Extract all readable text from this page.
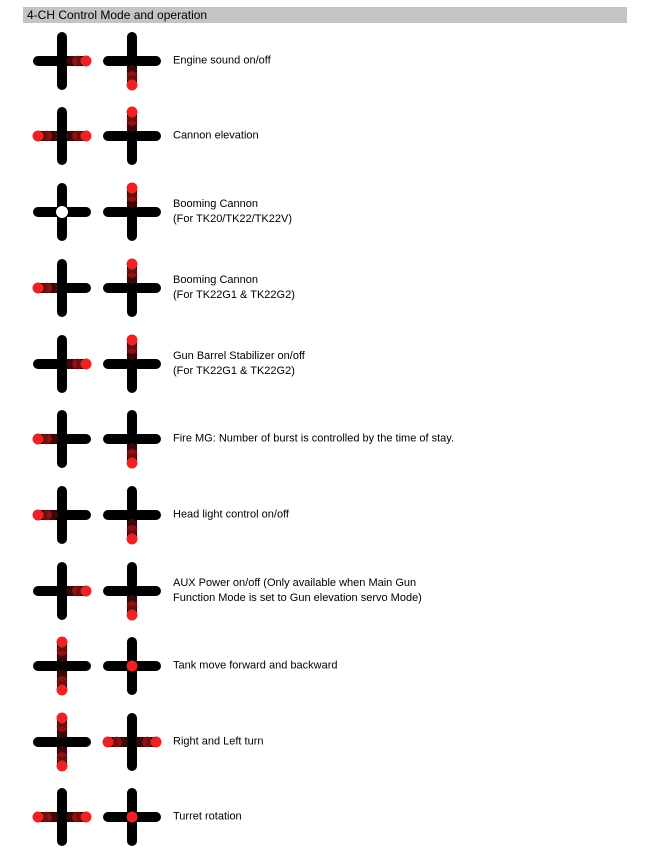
4-CH Control Mode and operation
Engine sound on/off
Cannon elevation
Booming Cannon
(For TK20/TK22/TK22V)
Booming Cannon
(For TK22G1 & TK22G2)
Gun Barrel Stabilizer on/off
(For TK22G1 & TK22G2)
Fire MG: Number of burst is controlled by the time of stay.
Head light control on/off
AUX Power on/off (Only available when Main Gun
Function Mode is set to Gun elevation servo Mode)
Tank move forward and backward
Right and Left turn
Turret rotation
